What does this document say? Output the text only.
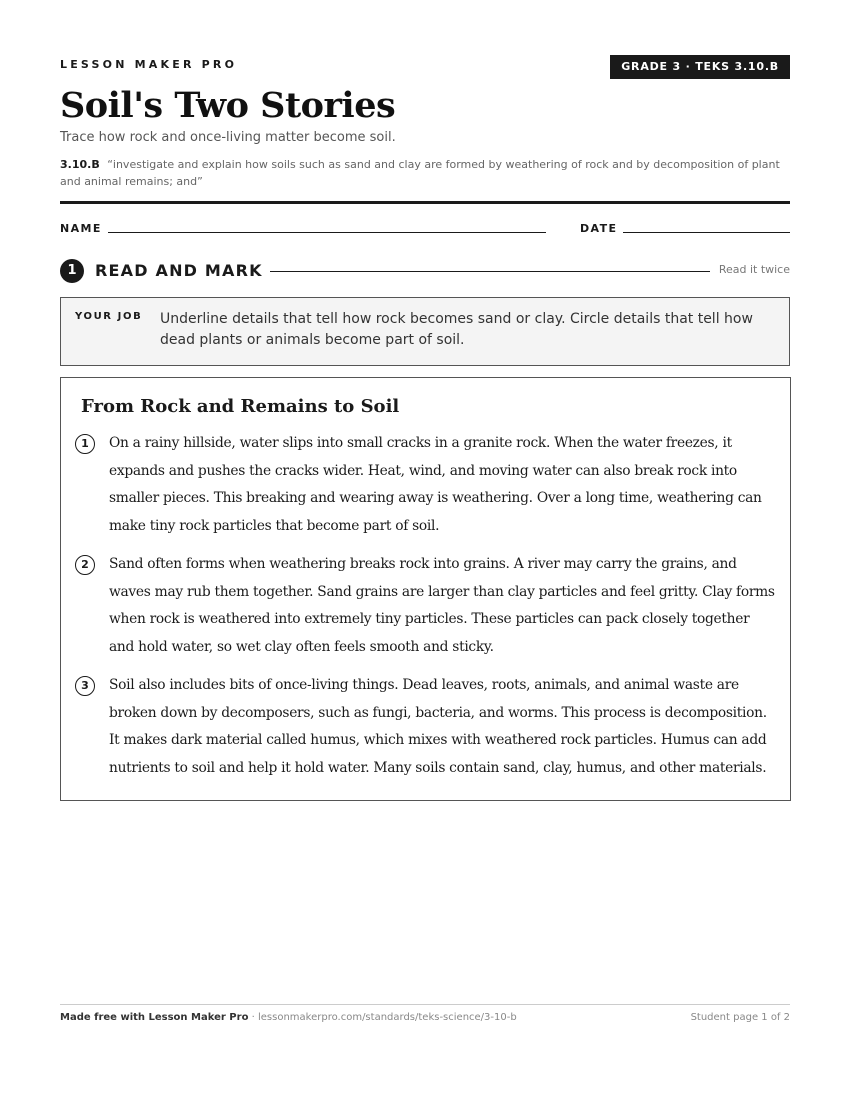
LESSON MAKER PRO	GRADE 3 · TEKS 3.10.B
Soil's Two Stories
Trace how rock and once-living matter become soil.
3.10.B “investigate and explain how soils such as sand and clay are formed by weathering of rock and by decomposition of plant and animal remains; and”
NAME	DATE
1	READ AND MARK	Read it twice
YOUR JOB Underline details that tell how rock becomes sand or clay. Circle details that tell how dead plants or animals become part of soil.
From Rock and Remains to Soil
1	On a rainy hillside, water slips into small cracks in a granite rock. When the water freezes, it expands and pushes the cracks wider. Heat, wind, and moving water can also break rock into smaller pieces. This breaking and wearing away is weathering. Over a long time, weathering can make tiny rock particles that become part of soil.
2	Sand often forms when weathering breaks rock into grains. A river may carry the grains, and waves may rub them together. Sand grains are larger than clay particles and feel gritty. Clay forms when rock is weathered into extremely tiny particles. These particles can pack closely together and hold water, so wet clay often feels smooth and sticky.
3	Soil also includes bits of once-living things. Dead leaves, roots, animals, and animal waste are broken down by decomposers, such as fungi, bacteria, and worms. This process is decomposition. It makes dark material called humus, which mixes with weathered rock particles. Humus can add nutrients to soil and help it hold water. Many soils contain sand, clay, humus, and other materials.
Made free with Lesson Maker Pro · lessonmakerpro.com/standards/teks-science/3-10-b	Student page 1 of 2
